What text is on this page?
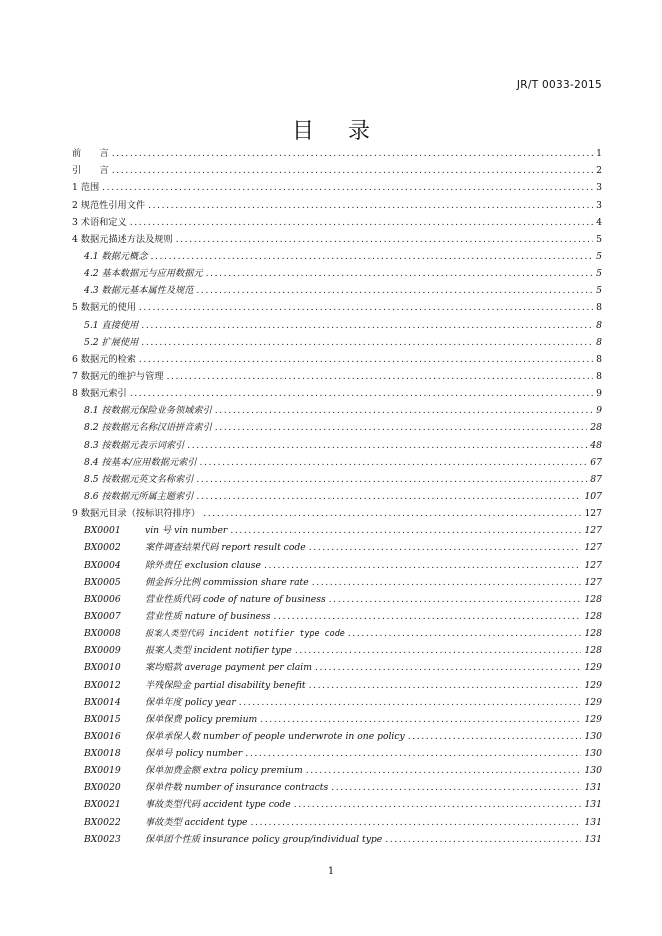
JR/T 0033-2015
目录
前　　言 .....	1
引　　言 .....	2
1 范围 .....	3
2 规范性引用文件 .....	3
3 术语和定义 .....	4
4 数据元描述方法及规则 .....	5
4.1 数据元概念 .....	5
4.2 基本数据元与应用数据元 .....	5
4.3 数据元基本属性及规范 .....	5
5 数据元的使用 .....	8
5.1 直接使用 .....	8
5.2 扩展使用 .....	8
6 数据元的检索 .....	8
7 数据元的维护与管理 .....	8
8 数据元索引 .....	9
8.1 按数据元保险业务领域索引 .....	9
8.2 按数据元名称汉语拼音索引 .....	28
8.3 按数据元表示词索引 .....	48
8.4 按基本/应用数据元索引 .....	67
8.5 按数据元英文名称索引 .....	87
8.6 按数据元所属主题索引 .....	107
9 数据元目录（按标识符排序） .....	127
BX0001	vin 号 vin number .....	127
BX0002	案件调查结果代码 report result code .....	127
BX0004	除外责任 exclusion clause .....	127
BX0005	佣金拆分比例 commission share rate .....	127
BX0006	营业性质代码 code of nature of business .....	128
BX0007	营业性质 nature of business .....	128
BX0008	报案人类型代码 incident notifier type code .....	128
BX0009	报案人类型 incident notifier type .....	128
BX0010	案均赔款 average payment per claim .....	129
BX0012	半残保险金 partial disability benefit .....	129
BX0014	保单年度 policy year .....	129
BX0015	保单保费 policy premium .....	129
BX0016	保单承保人数 number of people underwrote in one policy .....	130
BX0018	保单号 policy number .....	130
BX0019	保单加费金额 extra policy premium .....	130
BX0020	保单件数 number of insurance contracts .....	131
BX0021	事故类型代码 accident type code .....	131
BX0022	事故类型 accident type .....	131
BX0023	保单团个性质 insurance policy group/individual type .....	131
1
